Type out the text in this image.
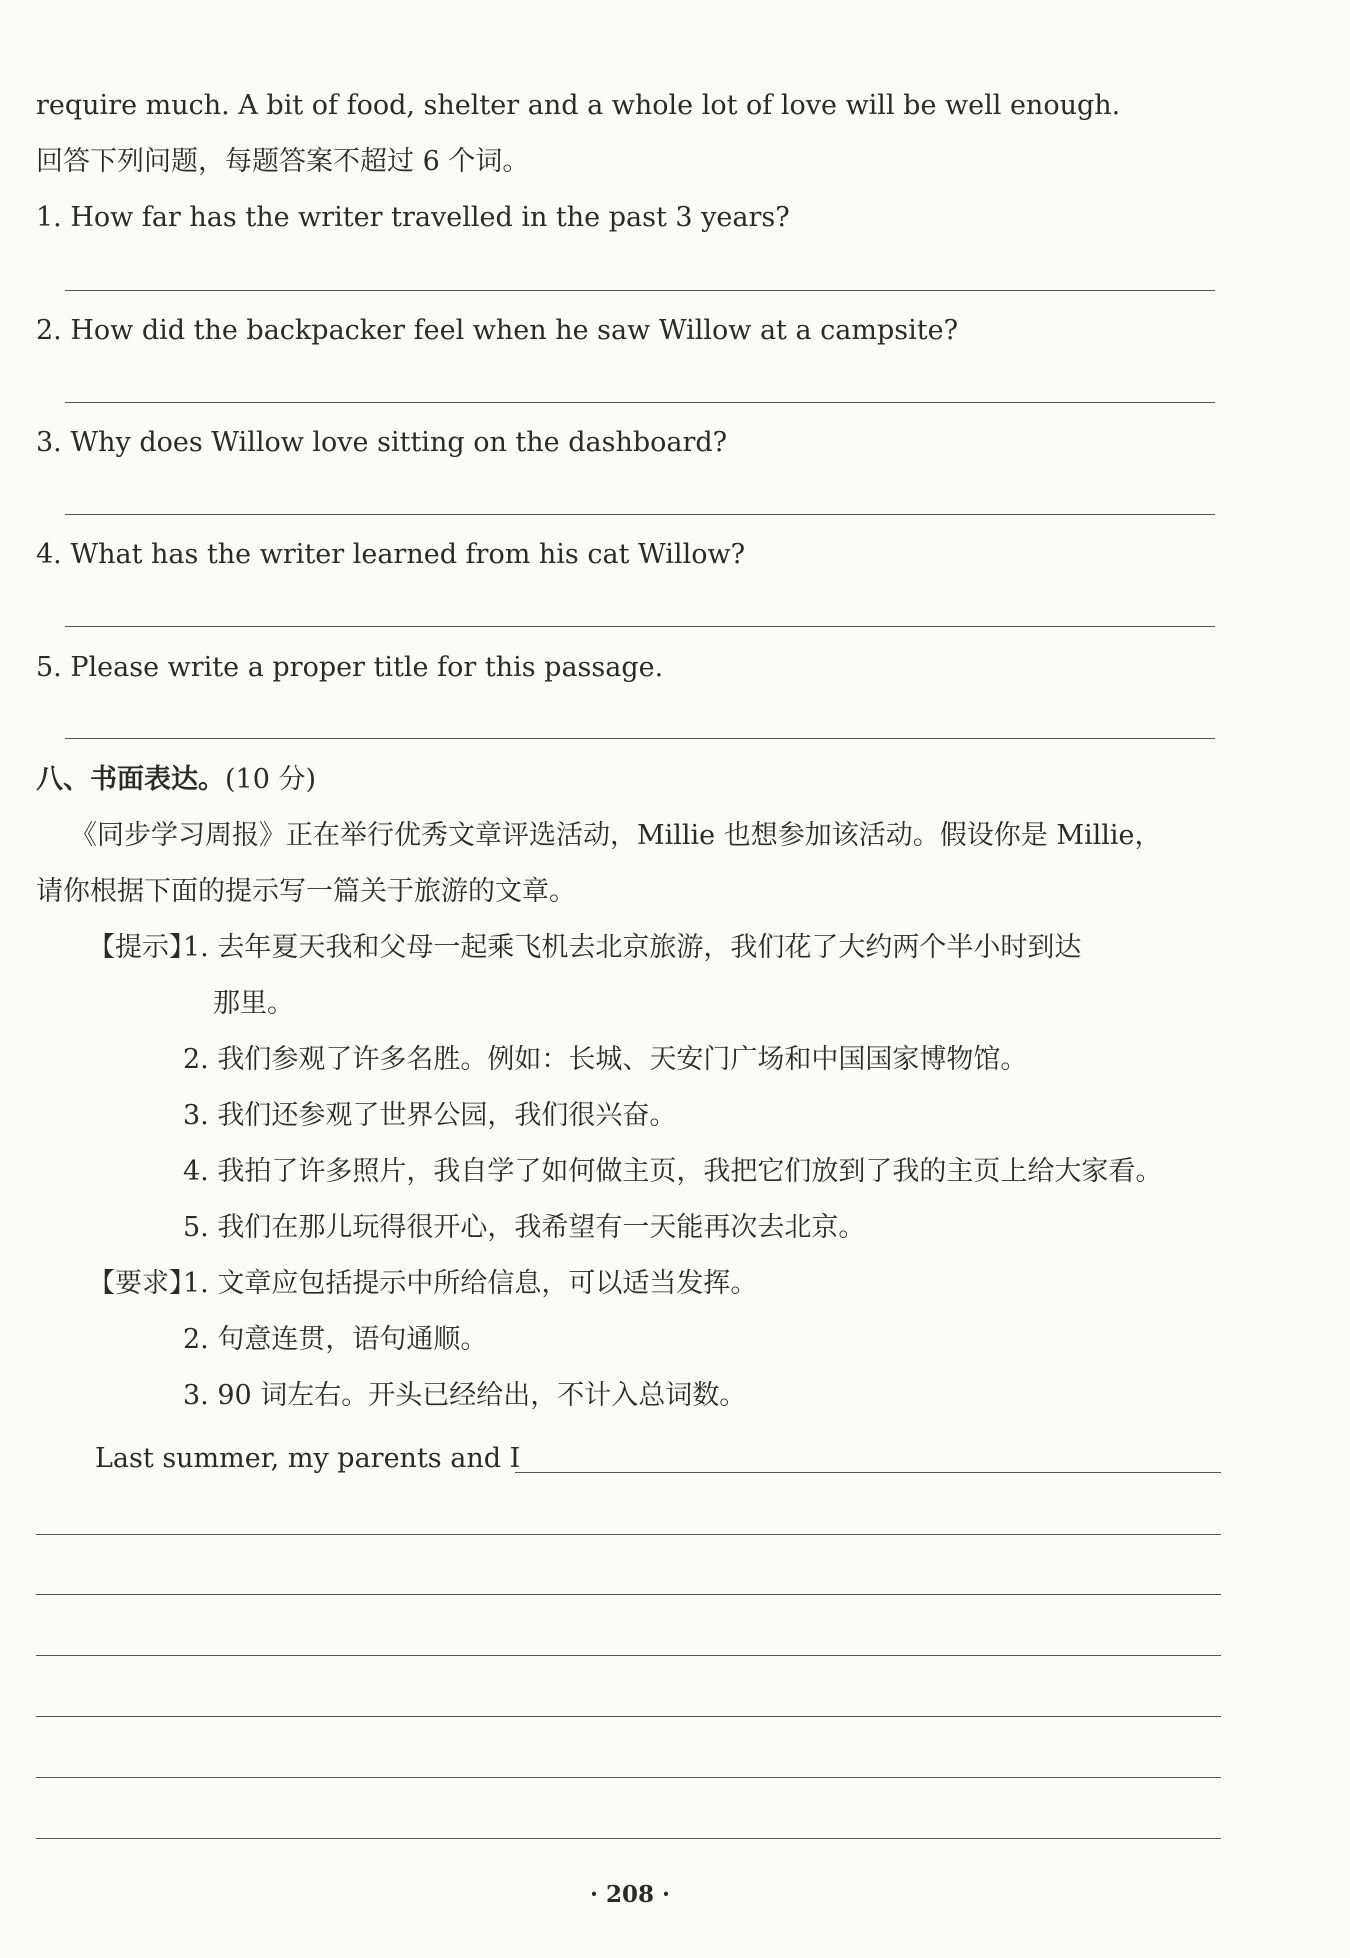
require much. A bit of food, shelter and a whole lot of love will be well enough.
回答下列问题，每题答案不超过 6 个词。
1. How far has the writer travelled in the past 3 years?
2. How did the backpacker feel when he saw Willow at a campsite?
3. Why does Willow love sitting on the dashboard?
4. What has the writer learned from his cat Willow?
5. Please write a proper title for this passage.
八、书面表达。(10 分)
《同步学习周报》正在举行优秀文章评选活动，Millie 也想参加该活动。假设你是 Millie，
请你根据下面的提示写一篇关于旅游的文章。
【提示】
1. 去年夏天我和父母一起乘飞机去北京旅游，我们花了大约两个半小时到达
那里。
2. 我们参观了许多名胜。例如：长城、天安门广场和中国国家博物馆。
3. 我们还参观了世界公园，我们很兴奋。
4. 我拍了许多照片，我自学了如何做主页，我把它们放到了我的主页上给大家看。
5. 我们在那儿玩得很开心，我希望有一天能再次去北京。
【要求】
1. 文章应包括提示中所给信息，可以适当发挥。
2. 句意连贯，语句通顺。
3. 90 词左右。开头已经给出，不计入总词数。
Last summer, my parents and I
· 208 ·
